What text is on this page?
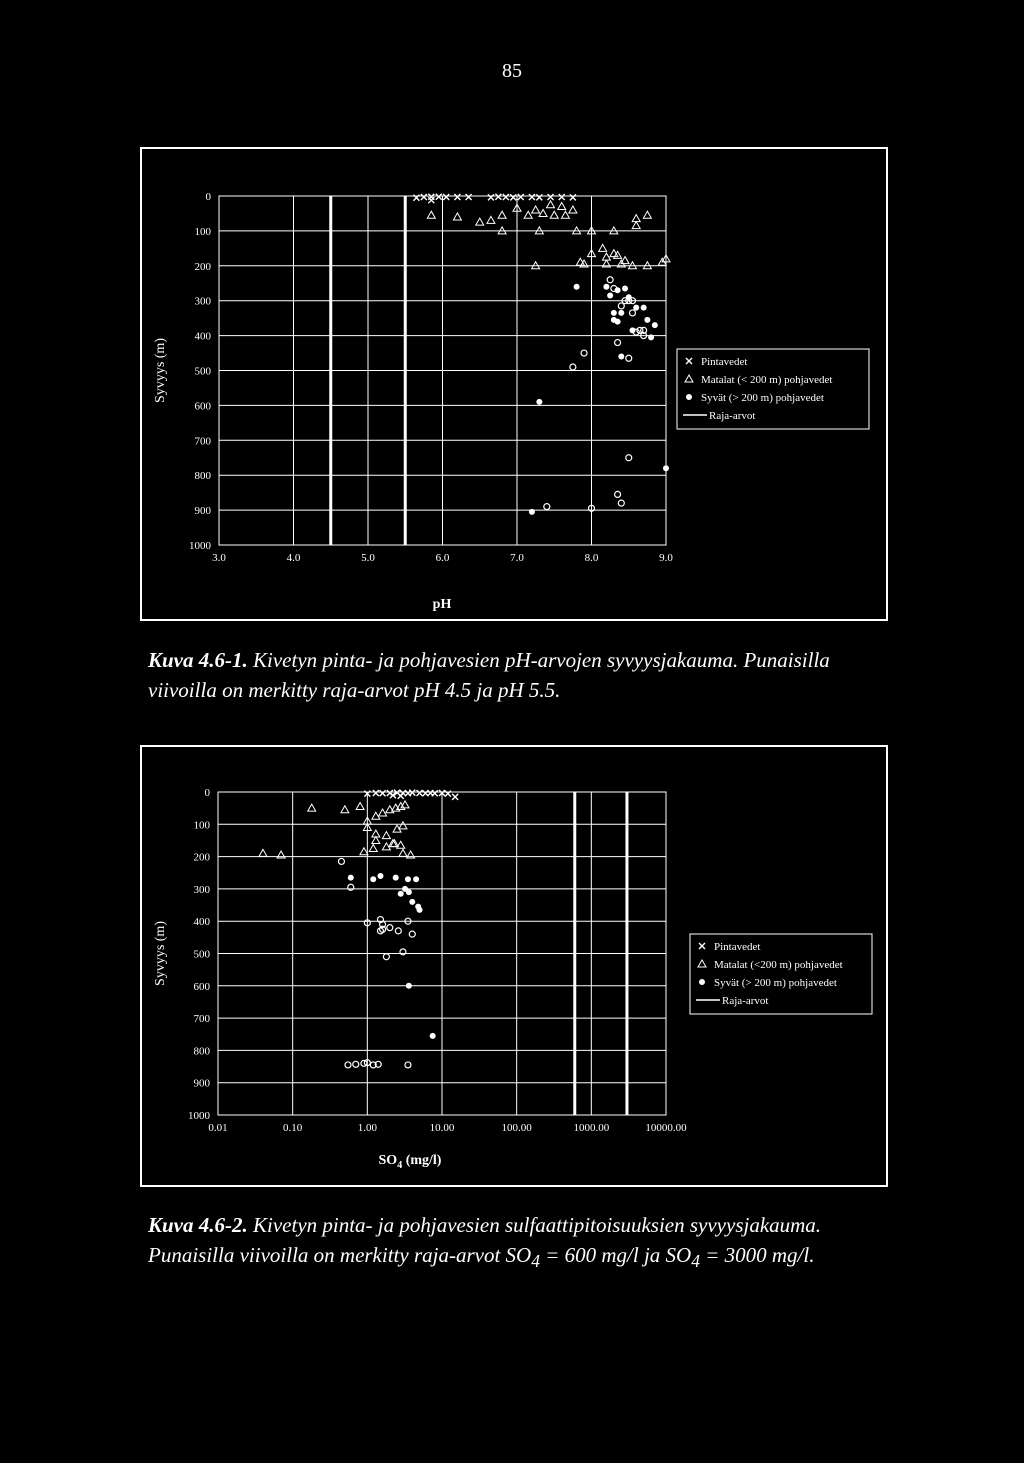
85
0
100
200
300
400
500
600
700
800
900
1000
3.0	4.0	5.0	6.0	7.0	8.0	9.0
Syvyys (m)	Pintavedet
Matalat (< 200 m) pohjavedet
Syvät (> 200 m) pohjavedet
Raja-arvot
pH
Kuva 4.6-1. Kivetyn pinta- ja pohjavesien pH-arvojen syvyysjakauma. Punaisilla viivoilla on merkitty raja-arvot pH 4.5 ja pH 5.5.
0
100
200
300
400
500
600
700
800
900
1000
0.01	0.10	1.00	10.00	100.00	1000.00	10000.00
Syvyys (m)	Pintavedet
Matalat (<200 m) pohjavedet
Syvät (> 200 m) pohjavedet
Raja-arvot
$SO_4$ (mg/l)
Kuva 4.6-2. Kivetyn pinta- ja pohjavesien sulfaattipitoisuuksien syvyysjakauma. Punaisilla viivoilla on merkitty raja-arvot $SO_4 = 600$ mg/l ja $SO_4 = 3000$ mg/l.
